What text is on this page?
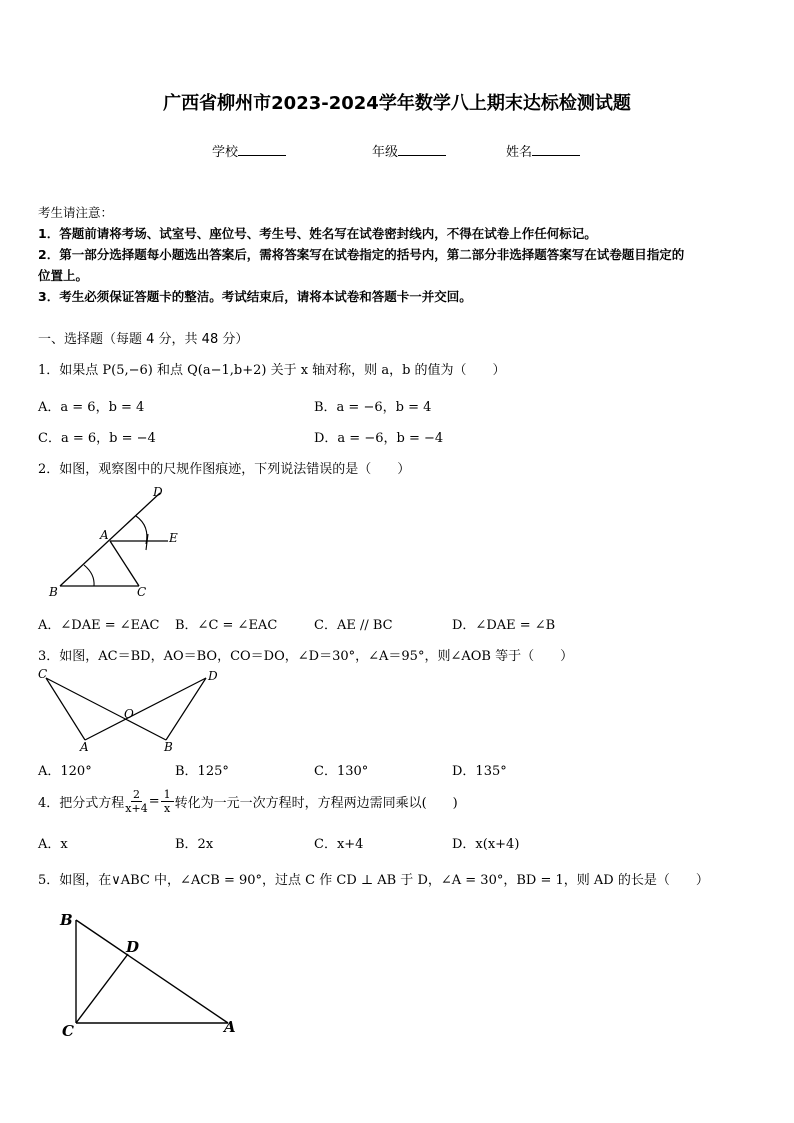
广西省柳州市2023-2024学年数学八上期末达标检测试题
学校	年级	姓名
考生请注意：
1．答题前请将考场、试室号、座位号、考生号、姓名写在试卷密封线内，不得在试卷上作任何标记。
2．第一部分选择题每小题选出答案后，需将答案写在试卷指定的括号内，第二部分非选择题答案写在试卷题目指定的
位置上。
3．考生必须保证答题卡的整洁。考试结束后，请将本试卷和答题卡一并交回。
一、选择题（每题 4 分，共 48 分）
1．如果点 P(5,−6) 和点 Q(a−1,b+2) 关于 x 轴对称，则 a，b 的值为（　　）
A．a = 6，b = 4	B．a = −6，b = 4
C．a = 6，b = −4	D．a = −6，b = −4
2．如图，观察图中的尺规作图痕迹，下列说法错误的是（　　）
D
A	E
B	C
A．∠DAE = ∠EAC B．∠C = ∠EAC	C．AE // BC	D．∠DAE = ∠B
3．如图，AC＝BD，AO＝BO，CO＝DO，∠D＝30°，∠A＝95°，则∠AOB 等于（　　）
C	D
O
A	B
A．120°	B．125°	C．130°	D．135°
4．把分式方程 $\frac{2}{x+4} = \frac{1}{x}$ 转化为一元一次方程时，方程两边需同乘以(　　)
A．x	B．2x	C．x+4	D．x(x+4)
5．如图，在∨ABC 中，∠ACB = 90°，过点 C 作 CD ⊥ AB 于 D，∠A = 30°，BD = 1，则 AD 的长是（　　）
B
D
C	A
